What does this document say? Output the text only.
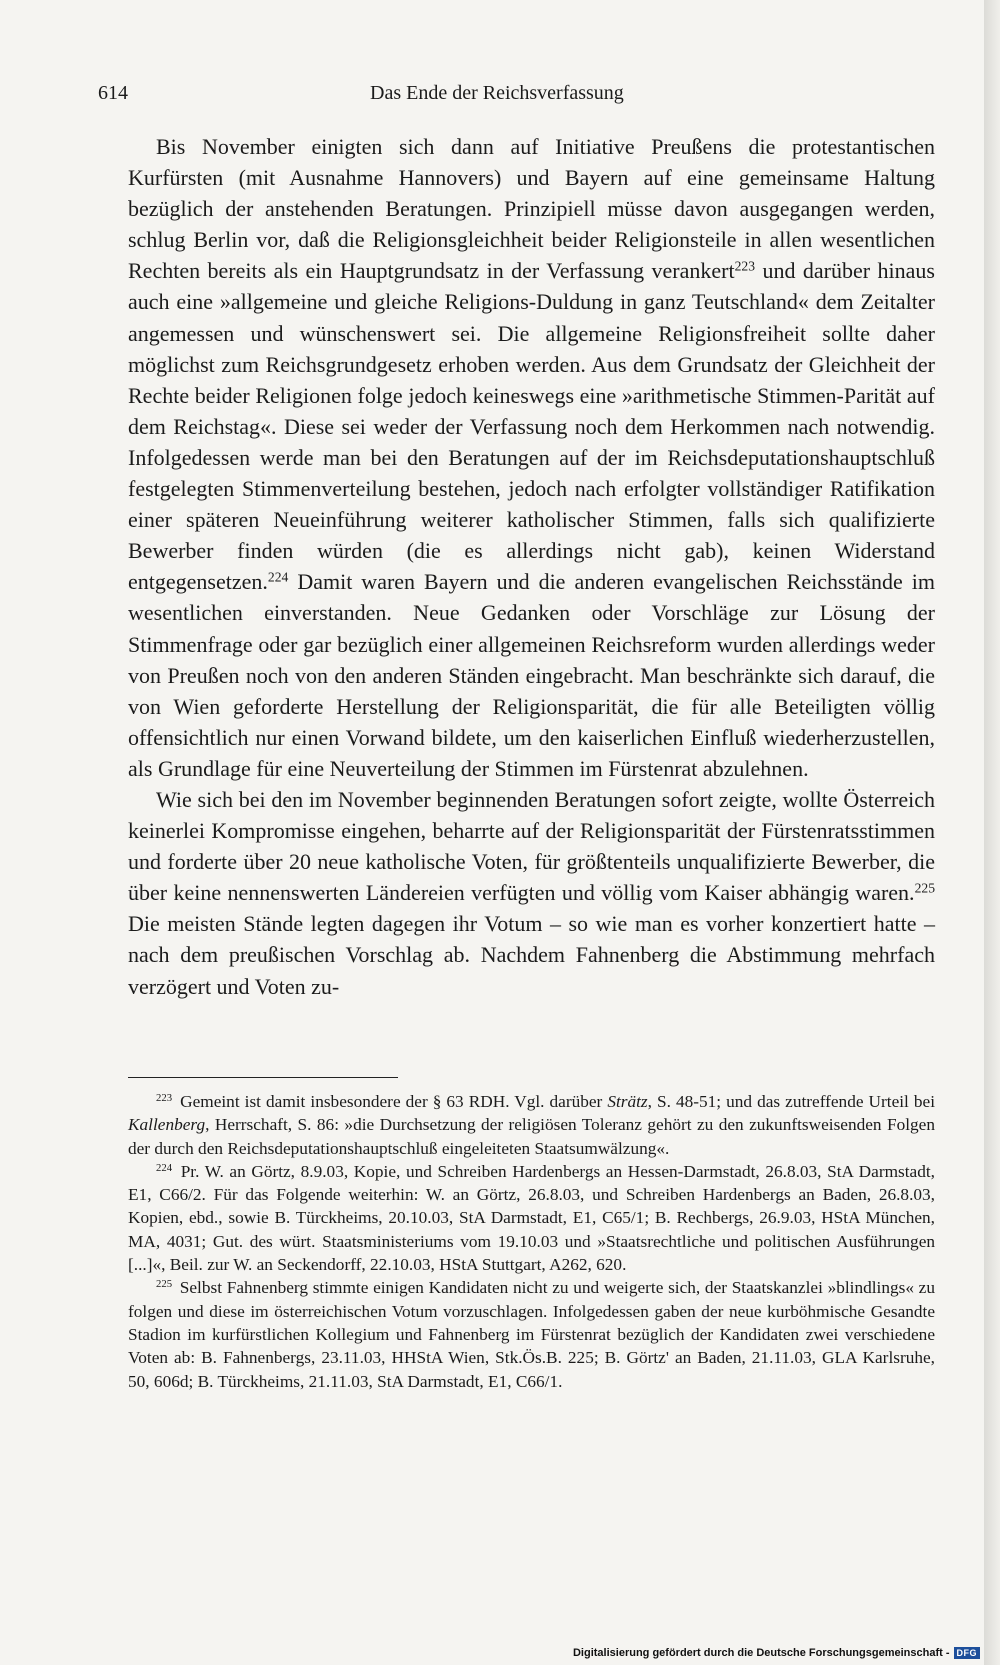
614	Das Ende der Reichsverfassung

Bis November einigten sich dann auf Initiative Preußens die protestantischen Kurfürsten (mit Ausnahme Hannovers) und Bayern auf eine gemeinsame Haltung bezüglich der anstehenden Beratungen. Prinzipiell müsse davon ausgegangen werden, schlug Berlin vor, daß die Religionsgleichheit beider Religionsteile in allen wesentlichen Rechten bereits als ein Hauptgrundsatz in der Verfassung verankert$^{223}$ und darüber hinaus auch eine »allgemeine und gleiche Religions-Duldung in ganz Teutschland« dem Zeitalter angemessen und wünschenswert sei. Die allgemeine Religionsfreiheit sollte daher möglichst zum Reichsgrundgesetz erhoben werden. Aus dem Grundsatz der Gleichheit der Rechte beider Religionen folge jedoch keineswegs eine »arithmetische Stimmen-Parität auf dem Reichstag«. Diese sei weder der Verfassung noch dem Herkommen nach notwendig. Infolgedessen werde man bei den Beratungen auf der im Reichsdeputationshauptschluß festgelegten Stimmenverteilung bestehen, jedoch nach erfolgter vollständiger Ratifikation einer späteren Neueinführung weiterer katholischer Stimmen, falls sich qualifizierte Bewerber finden würden (die es allerdings nicht gab), keinen Widerstand entgegensetzen.$^{224}$ Damit waren Bayern und die anderen evangelischen Reichsstände im wesentlichen einverstanden. Neue Gedanken oder Vorschläge zur Lösung der Stimmenfrage oder gar bezüglich einer allgemeinen Reichsreform wurden allerdings weder von Preußen noch von den anderen Ständen eingebracht. Man beschränkte sich darauf, die von Wien geforderte Herstellung der Religionsparität, die für alle Beteiligten völlig offensichtlich nur einen Vorwand bildete, um den kaiserlichen Einfluß wiederherzustellen, als Grundlage für eine Neuverteilung der Stimmen im Fürstenrat abzulehnen.

Wie sich bei den im November beginnenden Beratungen sofort zeigte, wollte Österreich keinerlei Kompromisse eingehen, beharrte auf der Religionsparität der Fürstenratsstimmen und forderte über 20 neue katholische Voten, für größtenteils unqualifizierte Bewerber, die über keine nennenswerten Ländereien verfügten und völlig vom Kaiser abhängig waren.$^{225}$ Die meisten Stände legten dagegen ihr Votum – so wie man es vorher konzertiert hatte – nach dem preußischen Vorschlag ab. Nachdem Fahnenberg die Abstimmung mehrfach verzögert und Voten zu-

$^{223}$ Gemeint ist damit insbesondere der § 63 RDH. Vgl. darüber Strätz, S. 48-51; und das zutreffende Urteil bei Kallenberg, Herrschaft, S. 86: »die Durchsetzung der religiösen Toleranz gehört zu den zukunftsweisenden Folgen der durch den Reichsdeputationshauptschluß eingeleiteten Staatsumwälzung«.

$^{224}$ Pr. W. an Görtz, 8.9.03, Kopie, und Schreiben Hardenbergs an Hessen-Darmstadt, 26.8.03, StA Darmstadt, E1, C66/2. Für das Folgende weiterhin: W. an Görtz, 26.8.03, und Schreiben Hardenbergs an Baden, 26.8.03, Kopien, ebd., sowie B. Türckheims, 20.10.03, StA Darmstadt, E1, C65/1; B. Rechbergs, 26.9.03, HStA München, MA, 4031; Gut. des würt. Staatsministeriums vom 19.10.03 und »Staatsrechtliche und politischen Ausführungen [...]«, Beil. zur W. an Seckendorff, 22.10.03, HStA Stuttgart, A262, 620.

$^{225}$ Selbst Fahnenberg stimmte einigen Kandidaten nicht zu und weigerte sich, der Staatskanzlei »blindlings« zu folgen und diese im österreichischen Votum vorzuschlagen. Infolgedessen gaben der neue kurböhmische Gesandte Stadion im kurfürstlichen Kollegium und Fahnenberg im Fürstenrat bezüglich der Kandidaten zwei verschiedene Voten ab: B. Fahnenbergs, 23.11.03, HHStA Wien, Stk.Ös.B. 225; B. Görtz' an Baden, 21.11.03, GLA Karlsruhe, 50, 606d; B. Türckheims, 21.11.03, StA Darmstadt, E1, C66/1.

Digitalisierung gefördert durch die Deutsche Forschungsgemeinschaft - DFG
